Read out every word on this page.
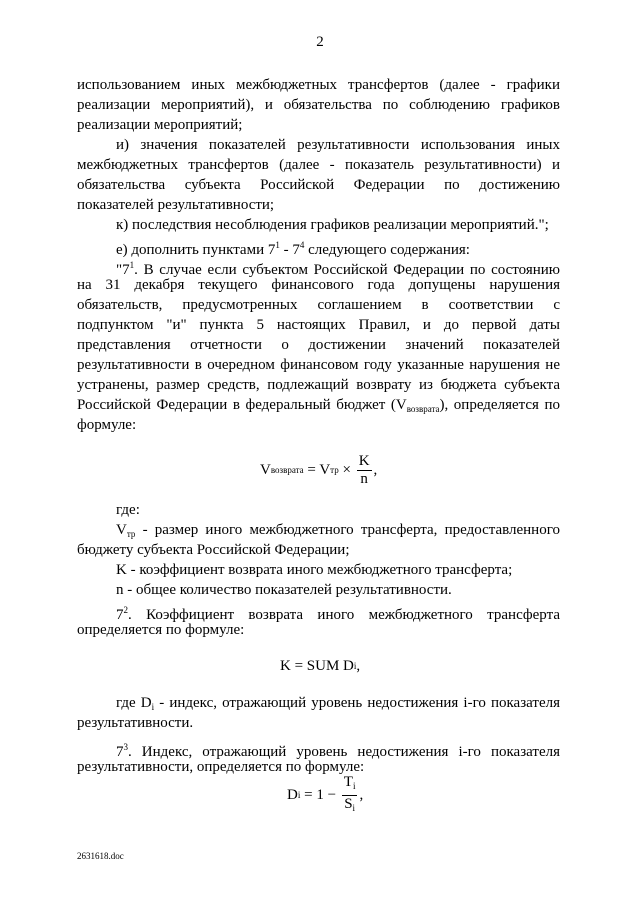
2
использованием иных межбюджетных трансфертов (далее - графики
реализации мероприятий), и обязательства по соблюдению графиков
реализации мероприятий;
и) значения показателей результативности использования иных
межбюджетных трансфертов (далее - показатель результативности) и
обязательства субъекта Российской Федерации по достижению
показателей результативности;
к) последствия несоблюдения графиков реализации мероприятий.";
е) дополнить пунктами $7^1 - 7^4$ следующего содержания:
"$7^1$. В случае если субъектом Российской Федерации по состоянию
на 31 декабря текущего финансового года допущены нарушения
обязательств, предусмотренных соглашением в соответствии с
подпунктом "и" пункта 5 настоящих Правил, и до первой даты
представления отчетности о достижении значений показателей
результативности в очередном финансовом году указанные нарушения не
устранены, размер средств, подлежащий возврату из бюджета субъекта
Российской Федерации в федеральный бюджет $(V_{возврата})$, определяется по
формуле:
V возврата = V тр × $\frac{K}{n}$ ,
где:
$V_{тр}$ - размер иного межбюджетного трансферта, предоставленного
бюджету субъекта Российской Федерации;
K - коэффициент возврата иного межбюджетного трансферта;
n - общее количество показателей результативности.
$7^2$. Коэффициент возврата иного межбюджетного трансферта
определяется по формуле:
K = SUM D i ,
где $D_i$ - индекс, отражающий уровень недостижения i-го показателя
результативности.
$7^3$. Индекс, отражающий уровень недостижения i-го показателя
результативности, определяется по формуле:
D $i = 1 - \frac{T_i}{S_i}$ ,
2631618.doc
